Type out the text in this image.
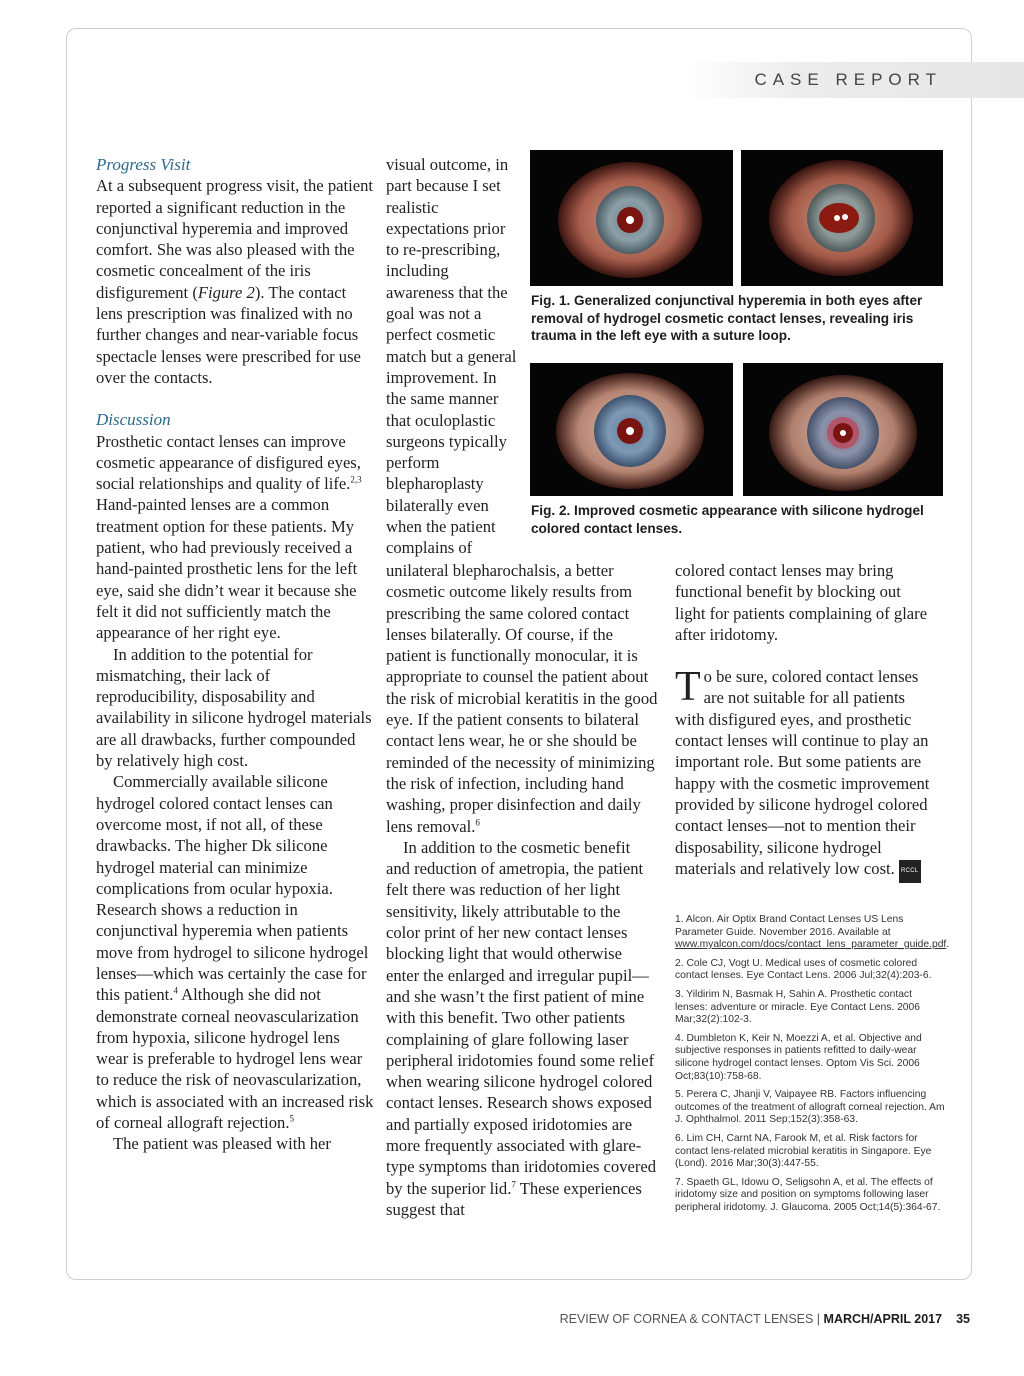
CASE REPORT

Progress Visit

At a subsequent progress visit, the patient reported a significant reduction in the conjunctival hyperemia and improved comfort. She was also pleased with the cosmetic concealment of the iris disfigurement (Figure 2). The contact lens prescription was finalized with no further changes and near-variable focus spectacle lenses were prescribed for use over the contacts.

Discussion

Prosthetic contact lenses can improve cosmetic appearance of disfigured eyes, social relationships and quality of life.$^{2,3}$ Hand-painted lenses are a common treatment option for these patients. My patient, who had previously received a hand-painted prosthetic lens for the left eye, said she didn’t wear it because she felt it did not sufficiently match the appearance of her right eye.

In addition to the potential for mismatching, their lack of reproducibility, disposability and availability in silicone hydrogel materials are all drawbacks, further compounded by relatively high cost.

Commercially available silicone hydrogel colored contact lenses can overcome most, if not all, of these drawbacks. The higher Dk silicone hydrogel material can minimize complications from ocular hypoxia. Research shows a reduction in conjunctival hyperemia when patients move from hydrogel to silicone hydrogel lenses—which was certainly the case for this patient.$^4$ Although she did not demonstrate corneal neovascularization from hypoxia, silicone hydrogel lens wear is preferable to hydrogel lens wear to reduce the risk of neovascularization, which is associated with an increased risk of corneal allograft rejection.$^5$

The patient was pleased with her

visual outcome, in part because I set realistic expectations prior to re-prescribing, including awareness that the goal was not a perfect cosmetic match but a general improvement. In the same manner that oculoplastic surgeons typically perform blepharoplasty bilaterally even when the patient complains of

unilateral blepharochalsis, a better cosmetic outcome likely results from prescribing the same colored contact lenses bilaterally. Of course, if the patient is functionally monocular, it is appropriate to counsel the patient about the risk of microbial keratitis in the good eye. If the patient consents to bilateral contact lens wear, he or she should be reminded of the necessity of minimizing the risk of infection, including hand washing, proper disinfection and daily lens removal.$^6$

In addition to the cosmetic benefit and reduction of ametropia, the patient felt there was reduction of her light sensitivity, likely attributable to the color print of her new contact lenses blocking light that would otherwise enter the enlarged and irregular pupil—and she wasn’t the first patient of mine with this benefit. Two other patients complaining of glare following laser peripheral iridotomies found some relief when wearing silicone hydrogel colored contact lenses. Research shows exposed and partially exposed iridotomies are more frequently associated with glare-type symptoms than iridotomies covered by the superior lid.$^7$ These experiences suggest that

colored contact lenses may bring functional benefit by blocking out light for patients complaining of glare after iridotomy.

To be sure, colored contact lenses are not suitable for all patients with disfigured eyes, and prosthetic contact lenses will continue to play an important role. But some patients are happy with the cosmetic improvement provided by silicone hydrogel colored contact lenses—not to mention their disposability, silicone hydrogel materials and relatively low cost. RCCL

Fig. 1. Generalized conjunctival hyperemia in both eyes after removal of hydrogel cosmetic contact lenses, revealing iris trauma in the left eye with a suture loop.
Fig. 2. Improved cosmetic appearance with silicone hydrogel colored contact lenses.

1. Alcon. Air Optix Brand Contact Lenses US Lens Parameter Guide. November 2016. Available at www.myalcon.com/docs/contact_lens_parameter_guide.pdf.

2. Cole CJ, Vogt U. Medical uses of cosmetic colored contact lenses. Eye Contact Lens. 2006 Jul;32(4):203-6.

3. Yildirim N, Basmak H, Sahin A. Prosthetic contact lenses: adventure or miracle. Eye Contact Lens. 2006 Mar;32(2):102-3.

4. Dumbleton K, Keir N, Moezzi A, et al. Objective and subjective responses in patients refitted to daily-wear silicone hydrogel contact lenses. Optom Vis Sci. 2006 Oct;83(10):758-68.

5. Perera C, Jhanji V, Vaipayee RB. Factors influencing outcomes of the treatment of allograft corneal rejection. Am J. Ophthalmol. 2011 Sep;152(3):358-63.

6. Lim CH, Carnt NA, Farook M, et al. Risk factors for contact lens-related microbial keratitis in Singapore. Eye (Lond). 2016 Mar;30(3):447-55.

7. Spaeth GL, Idowu O, Seligsohn A, et al. The effects of iridotomy size and position on symptoms following laser peripheral iridotomy. J. Glaucoma. 2005 Oct;14(5):364-67.

REVIEW OF CORNEA & CONTACT LENSES | MARCH/APRIL 2017 35
